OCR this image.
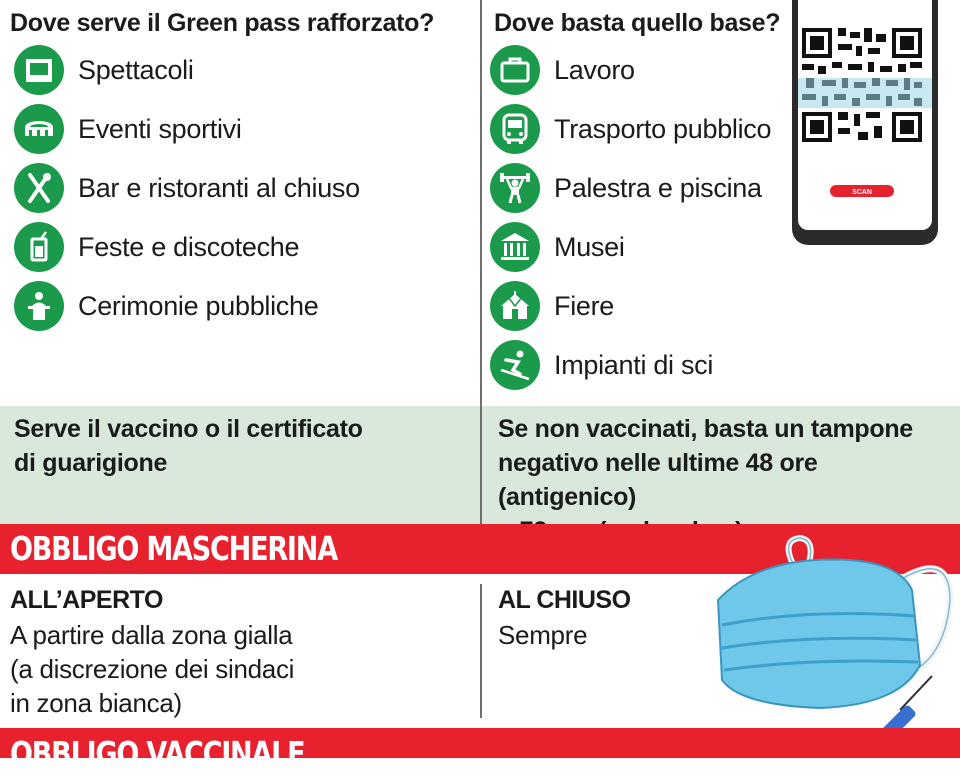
Dove serve il Green pass rafforzato? Dove basta quello base?
Spettacoli
Eventi sportivi
Bar e ristoranti al chiuso
Feste e discoteche
Cerimonie pubbliche
Lavoro
Trasporto pubblico
Palestra e piscina
Musei
Fiere
Impianti di sci
SCAN
Serve il vaccino o il certificato
di guarigione
Se non vaccinati, basta un tampone
negativo nelle ultime 48 ore (antigenico)
OBBLIGO MASCHERINA
ALL’APERTO
A partire dalla zona gialla
(a discrezione dei sindaci
in zona bianca)
AL CHIUSO
Sempre
OBBLIGO VACCINALE
